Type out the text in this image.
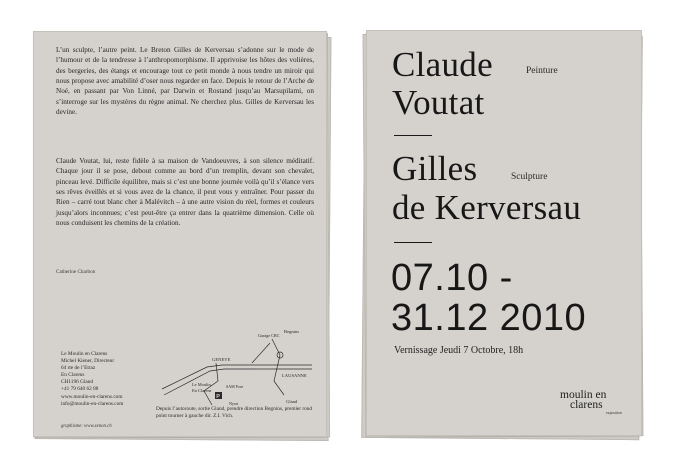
L’un sculpte, l’autre peint. Le Breton Gilles de Kerversau s’adonne sur le mode de l’humour et de la tendresse à l’anthropomorphisme. Il apprivoise les hôtes des volières, des bergeries, des étangs et encourage tout ce petit monde à nous tendre un miroir qui nous propose avec amabilité d’oser nous regarder en face. Depuis le retour de l’Arche de Noé, en passant par Von Linné, par Darwin et Rostand jusqu’au Marsupilami, on s’interroge sur les mystères du règne animal. Ne cherchez plus. Gilles de Kerversau les devine.

Claude Voutat, lui, reste fidèle à sa maison de Vandoeuvres, à son silence méditatif. Chaque jour il se pose, debout comme au bord d’un tremplin, devant son chevalet, pinceau levé. Difficile équilibre, mais si c’est une bonne journée voilà qu’il s’élance vers ses rêves éveillés et si vous avez de la chance, il peut vous y entraîner. Pour passer du Rien – carré tout blanc cher à Malévitch – à une autre vision du réel, formes et couleurs jusqu’alors inconnues; c’est peut-être ça entrer dans la quatrième dimension. Celle où nous conduisent les chemins de la création.

Catherine Charbon
Begnins
Garage CBC
GENEVE
LAUSANNE
Le Moulin
En Clarens
SAM Pose
P
Nyon	Gland
Le Moulin en Clarens
Michel Kiener, Directeur
64 rte de l’Etraz
En Clarens
CH1196 Gland
+41 79 640 62 88
www.moulin-en-clarens.com
info@moulin-en-clarens.com
graphisme: www.xenon.ch
Depuis l’autoroute, sortie Gland, prendre direction Begnins, premier rond point tourner à gauche dir. Z.I. Vich.
Claude	Peinture
Voutat
Gilles	Sculpture
de Kerversau
07.10 -
31.12 2010
Vernissage Jeudi 7 Octobre, 18h
moulin en
clarens
exposition
